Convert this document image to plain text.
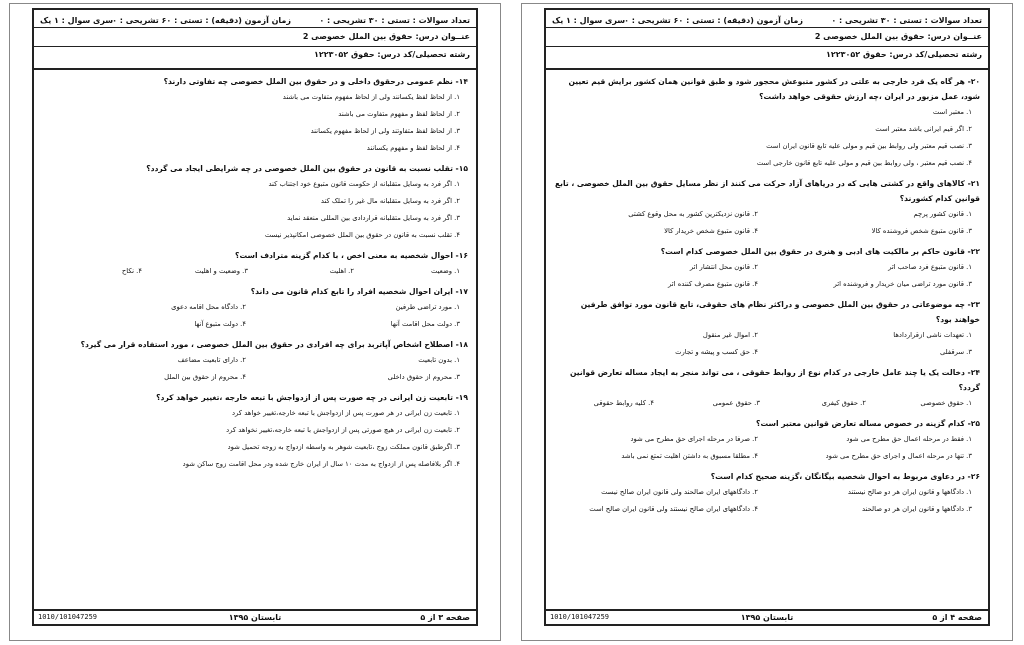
تعداد سوالات : تستی : ۳۰ تشریحی : ۰
زمان آزمون (دقیقه) : تستی : ۶۰ تشریحی : ۰
سری سوال : ۱ یک
عنــوان درس: حقوق بین الملل خصوصی 2
رشته تحصیلی/کد درس: حقوق ۱۲۲۳۰۵۲
۲۰- هر گاه یک فرد خارجی به علتی در کشور متبوعش محجور شود و طبق قوانین همان کشور برایش قیم تعیین شود، عمل مزبور در ایران ،چه ارزش حقوقی خواهد داشت؟
۱. معتبر است
۲. اگر قیم ایرانی باشد معتبر است
۳. نصب قیم معتبر ولی روابط بین قیم و مولی علیه تابع قانون ایران است
۴. نصب قیم معتبر ، ولی روابط بین قیم و مولی علیه تابع قانون خارجی است
۲۱- کالاهای واقع در کشتی هایی که در دریاهای آزاد حرکت می کنند از نظر مسایل حقوق بین الملل خصوصی ، تابع قوانین کدام کشورند؟
۱. قانون کشور پرچم
۲. قانون نزدیکترین کشور به محل وقوع کشتی
۳. قانون متبوع شخص فروشنده کالا
۴. قانون متبوع شخص خریدار کالا
۲۲- قانون حاکم بر مالکیت های ادبی و هنری در حقوق بین الملل خصوصی کدام است؟
۱. قانون متبوع فرد صاحب اثر
۲. قانون محل انتشار اثر
۳. قانون مورد تراضی میان خریدار و فروشنده اثر
۴. قانون متبوع مصرف کننده اثر
۲۳- چه موضوعاتی در حقوق بین الملل خصوصی و دراکثر نظام های حقوقی، تابع قانون مورد توافق طرفین خواهند بود؟
۱. تعهدات ناشی ازقراردادها
۲. اموال غیر منقول
۳. سرقفلی
۴. حق کسب و پیشه و تجارت
۲۴- دخالت یک یا چند عامل خارجی در کدام نوع از روابط حقوقی ، می تواند منجر به ایجاد مساله تعارض قوانین گردد؟
۱. حقوق خصوصی
۲. حقوق کیفری
۳. حقوق عمومی
۴. کلیه روابط حقوقی
۲۵- کدام گزینه در خصوص مساله تعارض قوانین معتبر است؟
۱. فقط در مرحله اعمال حق مطرح می شود
۲. صرفا در مرحله اجرای حق مطرح می شود
۳. تنها در مرحله اعمال و اجرای حق مطرح می شود
۴. مطلقا مسبوق به داشتن اهلیت تمتع نمی باشد
۲۶- در دعاوی مربوط به احوال شخصیه بیگانگان ،گزینه صحیح کدام است؟
۱. دادگاهها و قانون ایران هر دو صالح نیستند
۲. دادگاههای ایران صالحند ولی قانون ایران صالح نیست
۳. دادگاهها و قانون ایران هر دو صالحند
۴. دادگاههای ایران صالح نیستند ولی قانون ایران صالح است
صفحه ۴ از ۵
تابستان ۱۳۹۵
1010/101047259
تعداد سوالات : تستی : ۳۰ تشریحی : ۰
زمان آزمون (دقیقه) : تستی : ۶۰ تشریحی : ۰
سری سوال : ۱ یک
عنــوان درس: حقوق بین الملل خصوصی 2
رشته تحصیلی/کد درس: حقوق ۱۲۲۳۰۵۲
۱۴- نظم عمومی درحقوق داخلی و در حقوق بین الملل خصوصی چه تفاوتی دارند؟
۱. از لحاظ لفظ یکسانند ولی از لحاظ مفهوم متفاوت می باشند
۲. از لحاظ لفظ و مفهوم متفاوت می باشند
۳. از لحاظ لفظ متفاوتند ولی از لحاظ مفهوم یکسانند
۴. از لحاظ لفظ و مفهوم یکسانند
۱۵- تقلب نسبت به قانون در حقوق بین الملل خصوصی در چه شرایطی ایجاد می گردد؟
۱. اگر فرد به وسایل متقلبانه از حکومت قانون متبوع خود اجتناب کند
۲. اگر فرد به وسایل متقلبانه مال غیر را تملک کند
۳. اگر فرد به وسایل متقلبانه قراردادی بین المللی منعقد نماید
۴. تقلب نسبت به قانون در حقوق بین الملل خصوصی امکانپذیر نیست
۱۶- احوال شخصیه به معنی اخص ، با کدام گزینه مترادف است؟
۱. وضعیت
۲. اهلیت
۳. وضعیت و اهلیت
۴. نکاح
۱۷- ایران احوال شخصیه افراد را تابع کدام قانون می داند؟
۱. مورد تراضی طرفین
۲. دادگاه محل اقامه دعوی
۳. دولت محل اقامت آنها
۴. دولت متبوع آنها
۱۸- اصطلاح اشخاص آپاتربد برای چه افرادی در حقوق بین الملل خصوصی ، مورد استفاده قرار می گیرد؟
۱. بدون تابعیت
۲. دارای تابعیت مضاعف
۳. محروم از حقوق داخلی
۴. محروم از حقوق بین الملل
۱۹- تابعیت زن ایرانی در چه صورت پس از ازدواجش با تبعه خارجه ،تغییر خواهد کرد؟
۱. تابعیت زن ایرانی در هر صورت پس از ازدواجش با تبعه خارجه،تغییر خواهد کرد
۲. تابعیت زن ایرانی در هیچ صورتی پس از ازدواجش با تبعه خارجه،تغییر نخواهد کرد
۳. اگرطبق قانون مملکت زوج ،تابعیت شوهر به واسطه ازدواج به زوجه تحمیل شود
۴. اگر بلافاصله پس از ازدواج به مدت ۱۰ سال از ایران خارج شده ودر محل اقامت زوج ساکن شود
صفحه ۳ از ۵
تابستان ۱۳۹۵
1010/101047259
